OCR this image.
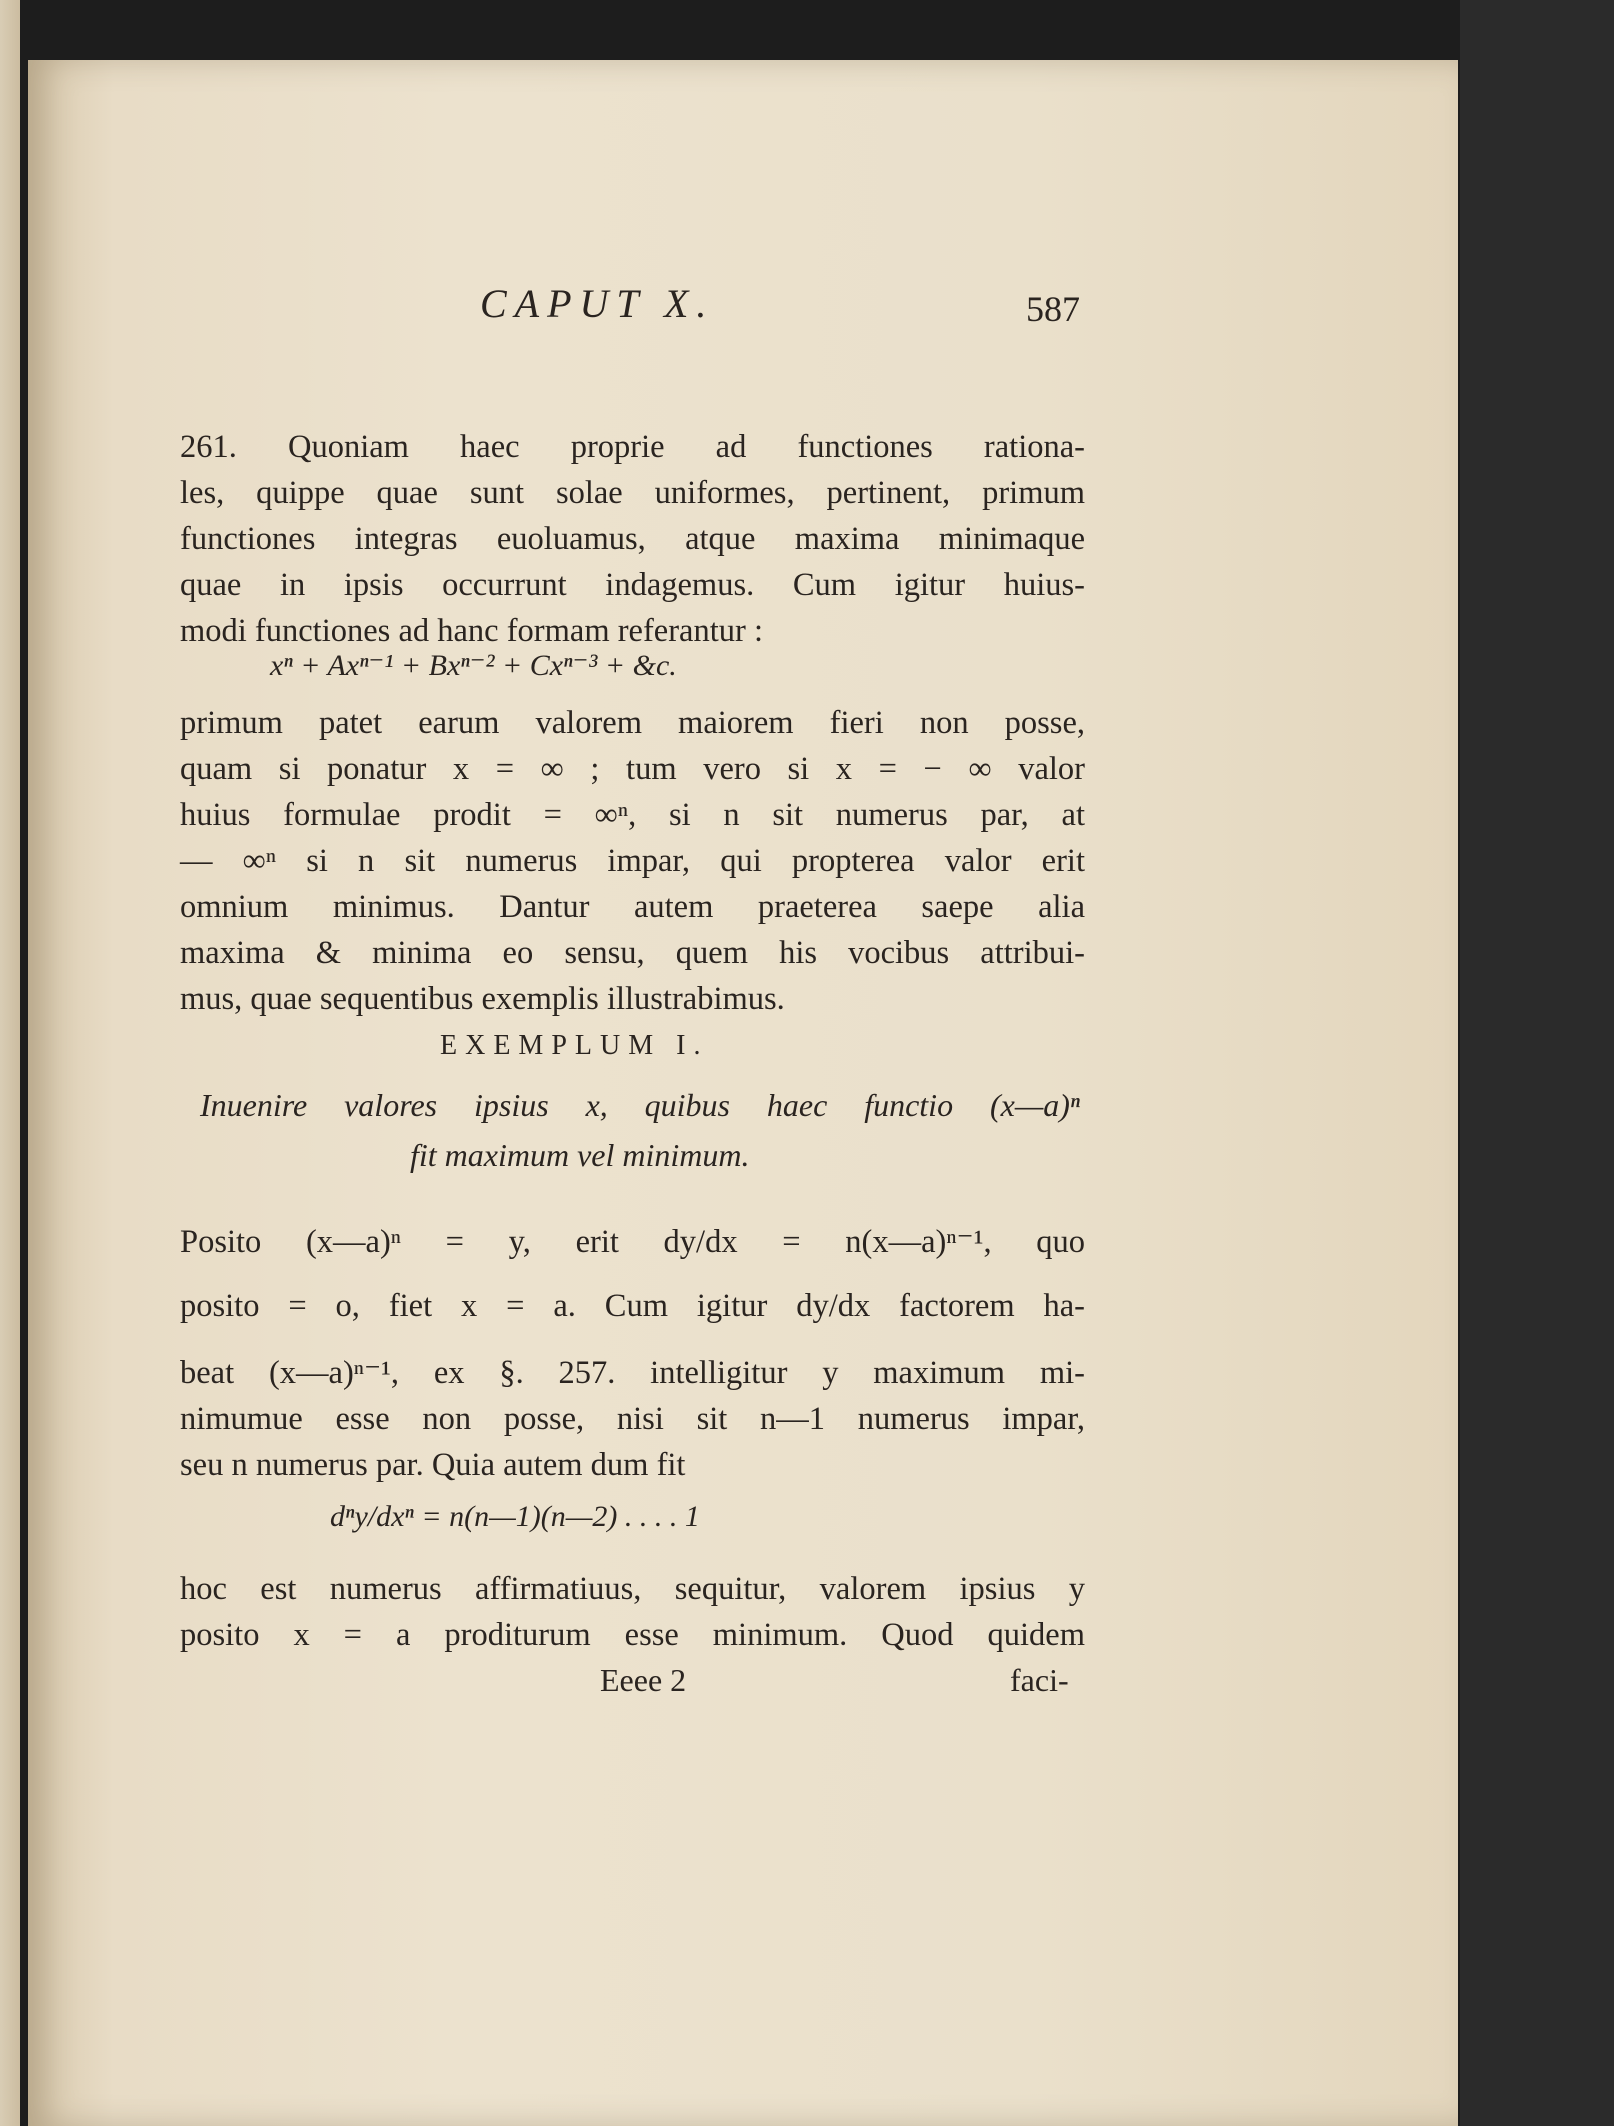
CAPUT X.	587
261. Quoniam haec proprie ad functiones rationa-
les, quippe quae sunt solae uniformes, pertinent, primum
functiones integras euoluamus, atque maxima minimaque
quae in ipsis occurrunt indagemus. Cum igitur huius-
modi functiones ad hanc formam referantur :
xⁿ + Axⁿ⁻¹ + Bxⁿ⁻² + Cxⁿ⁻³ + &c.
primum patet earum valorem maiorem fieri non posse,
quam si ponatur x = ∞ ; tum vero si x = − ∞ valor
huius formulae prodit = ∞ⁿ, si n sit numerus par, at
— ∞ⁿ si n sit numerus impar, qui propterea valor erit
omnium minimus. Dantur autem praeterea saepe alia
maxima & minima eo sensu, quem his vocibus attribui-
mus, quae sequentibus exemplis illustrabimus.
EXEMPLUM I.
Inuenire valores ipsius x, quibus haec functio (x—a)ⁿ
fit maximum vel minimum.
Posito (x—a)ⁿ = y, erit dy/dx = n(x—a)ⁿ⁻¹, quo
posito = o, fiet x = a. Cum igitur dy/dx factorem ha-
beat (x—a)ⁿ⁻¹, ex §. 257. intelligitur y maximum mi-
nimumue esse non posse, nisi sit n—1 numerus impar,
seu n numerus par. Quia autem dum fit
dⁿy/dxⁿ = n(n—1)(n—2) . . . . 1
hoc est numerus affirmatiuus, sequitur, valorem ipsius y
posito x = a proditurum esse minimum. Quod quidem
Eeee 2	faci-
